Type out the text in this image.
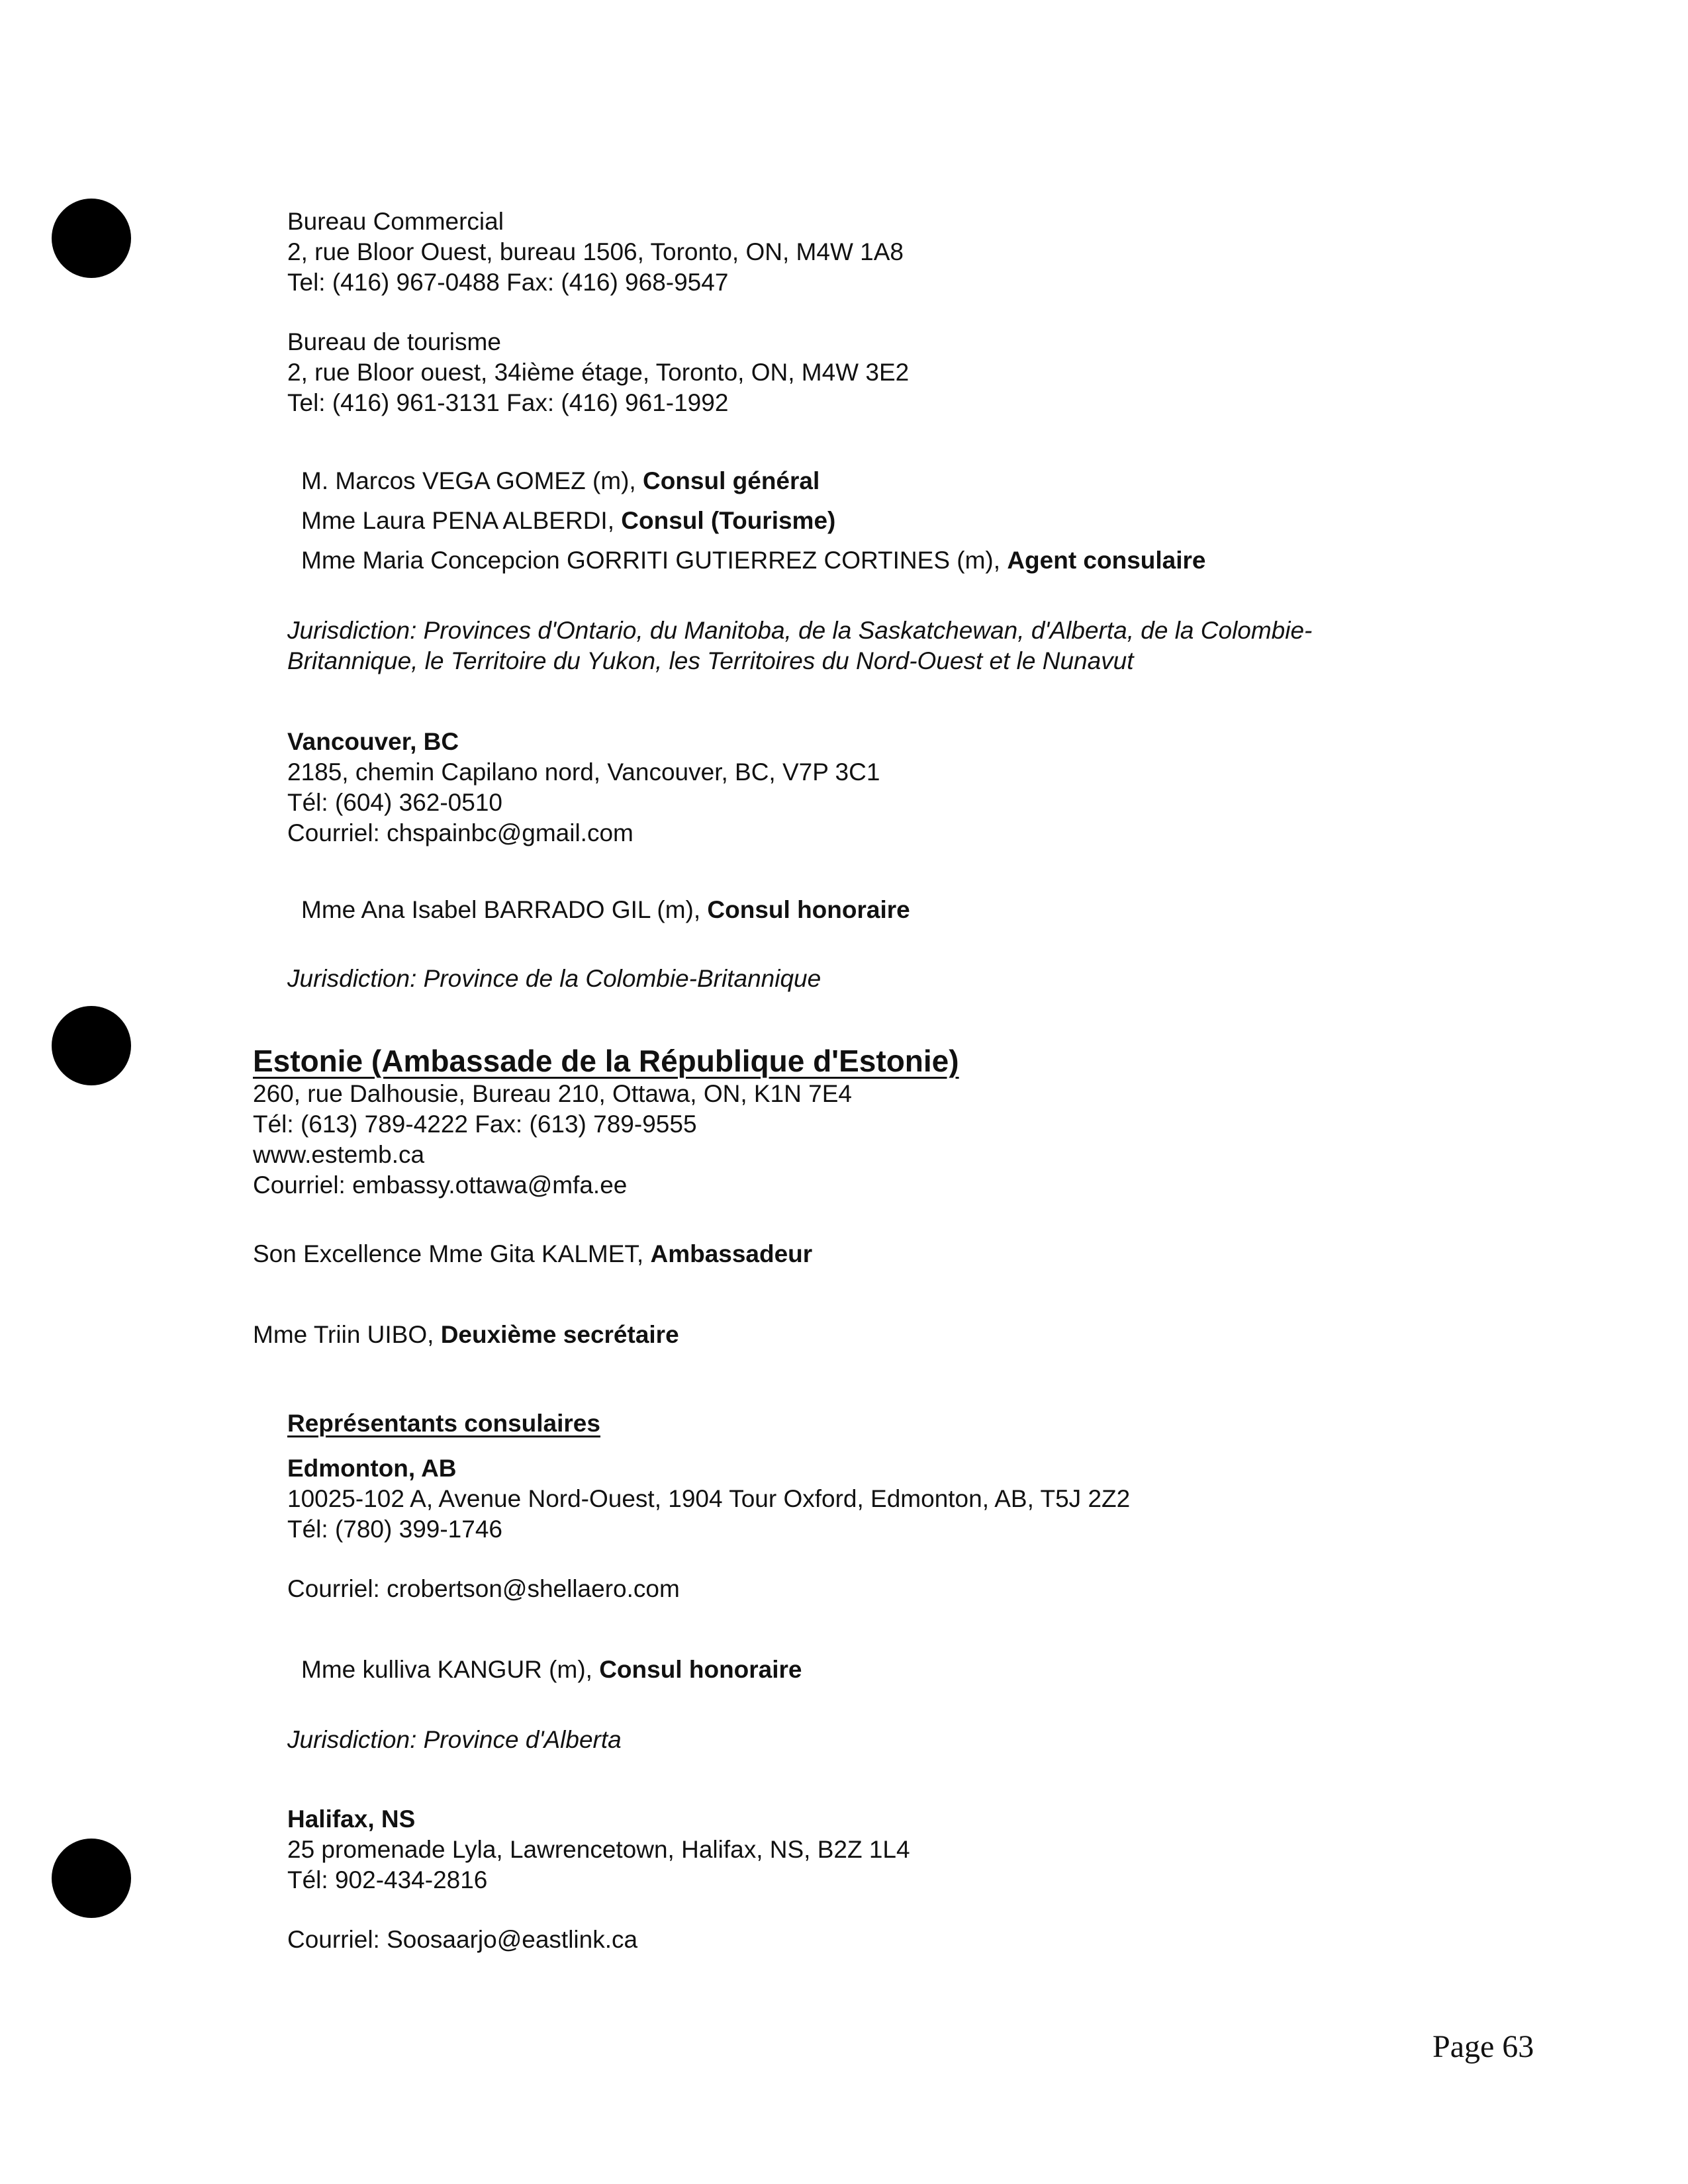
Bureau Commercial
2, rue Bloor Ouest, bureau 1506, Toronto, ON, M4W 1A8
Tel: (416) 967-0488 Fax: (416) 968-9547
Bureau de tourisme
2, rue Bloor ouest, 34ième étage, Toronto, ON, M4W 3E2
Tel: (416) 961-3131 Fax: (416) 961-1992
M. Marcos VEGA GOMEZ (m), Consul général
Mme Laura PENA ALBERDI, Consul (Tourisme)
Mme Maria Concepcion GORRITI GUTIERREZ CORTINES (m), Agent consulaire
Jurisdiction: Provinces d'Ontario, du Manitoba, de la Saskatchewan, d'Alberta, de la Colombie-
Britannique, le Territoire du Yukon, les Territoires du Nord-Ouest et le Nunavut
Vancouver, BC
2185, chemin Capilano nord, Vancouver, BC, V7P 3C1
Tél: (604) 362-0510
Courriel: chspainbc@gmail.com
Mme Ana Isabel BARRADO GIL (m), Consul honoraire
Jurisdiction: Province de la Colombie-Britannique
Estonie (Ambassade de la République d'Estonie)
260, rue Dalhousie, Bureau 210, Ottawa, ON, K1N 7E4
Tél: (613) 789-4222 Fax: (613) 789-9555
www.estemb.ca
Courriel: embassy.ottawa@mfa.ee
Son Excellence Mme Gita KALMET, Ambassadeur
Mme Triin UIBO, Deuxième secrétaire
Représentants consulaires
Edmonton, AB
10025-102 A, Avenue Nord-Ouest, 1904 Tour Oxford, Edmonton, AB, T5J 2Z2
Tél: (780) 399-1746
Courriel: crobertson@shellaero.com
Mme kulliva KANGUR (m), Consul honoraire
Jurisdiction: Province d'Alberta
Halifax, NS
25 promenade Lyla, Lawrencetown, Halifax, NS, B2Z 1L4
Tél: 902-434-2816
Courriel: Soosaarjo@eastlink.ca
Page 63
